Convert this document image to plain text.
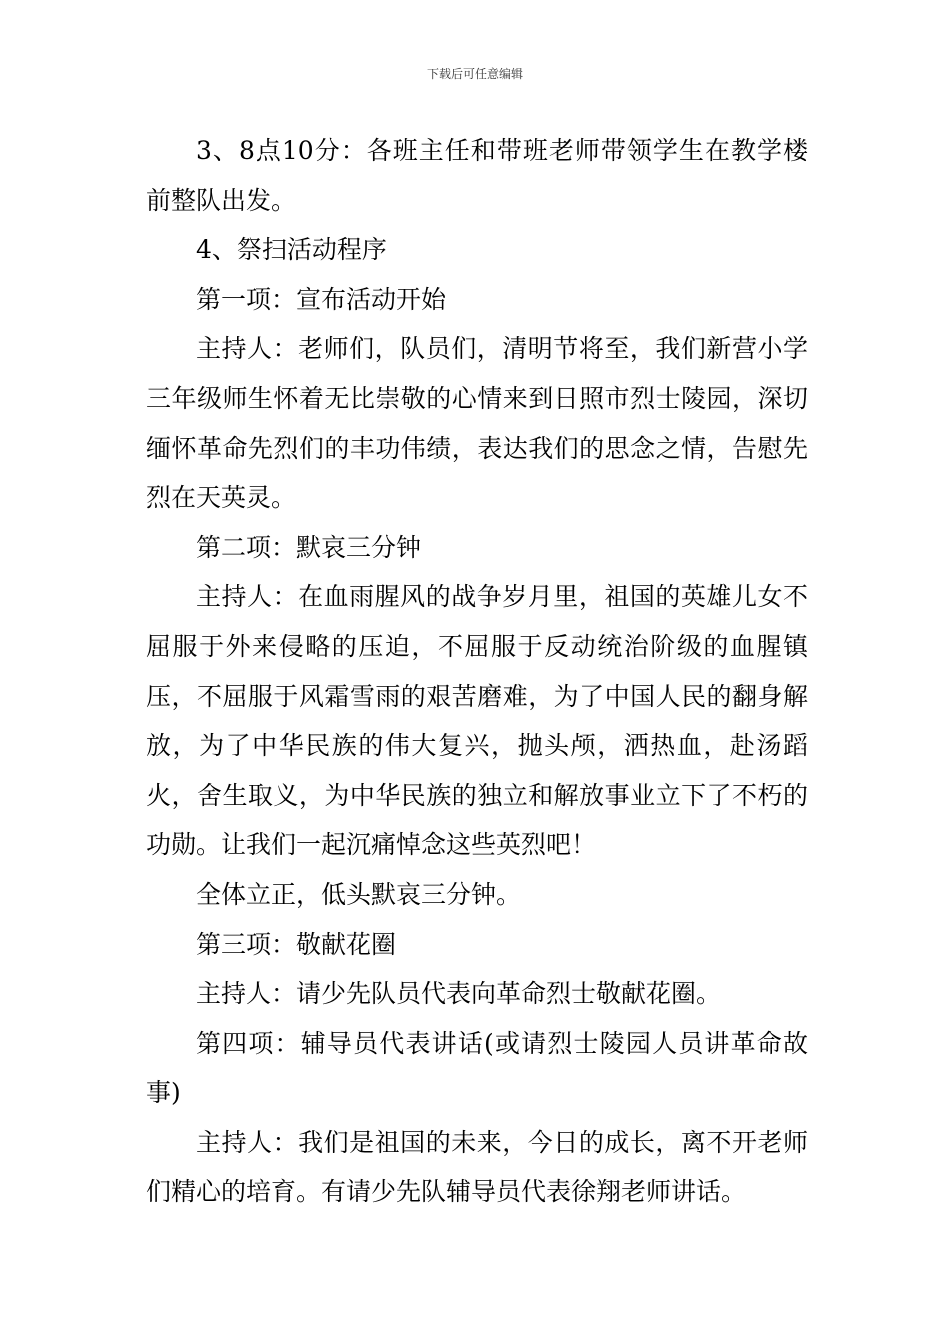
下载后可任意编辑

3、8点10分：各班主任和带班老师带领学生在教学楼前整队出发。

4、祭扫活动程序

第一项：宣布活动开始

主持人：老师们，队员们，清明节将至，我们新营小学三年级师生怀着无比崇敬的心情来到日照市烈士陵园，深切缅怀革命先烈们的丰功伟绩，表达我们的思念之情，告慰先烈在天英灵。

第二项：默哀三分钟

主持人：在血雨腥风的战争岁月里，祖国的英雄儿女不屈服于外来侵略的压迫，不屈服于反动统治阶级的血腥镇压，不屈服于风霜雪雨的艰苦磨难，为了中国人民的翻身解放，为了中华民族的伟大复兴，抛头颅，洒热血，赴汤蹈火，舍生取义，为中华民族的独立和解放事业立下了不朽的功勋。让我们一起沉痛悼念这些英烈吧！

全体立正，低头默哀三分钟。

第三项：敬献花圈

主持人：请少先队员代表向革命烈士敬献花圈。

第四项：辅导员代表讲话(或请烈士陵园人员讲革命故事)

主持人：我们是祖国的未来，今日的成长，离不开老师们精心的培育。有请少先队辅导员代表徐翔老师讲话。
